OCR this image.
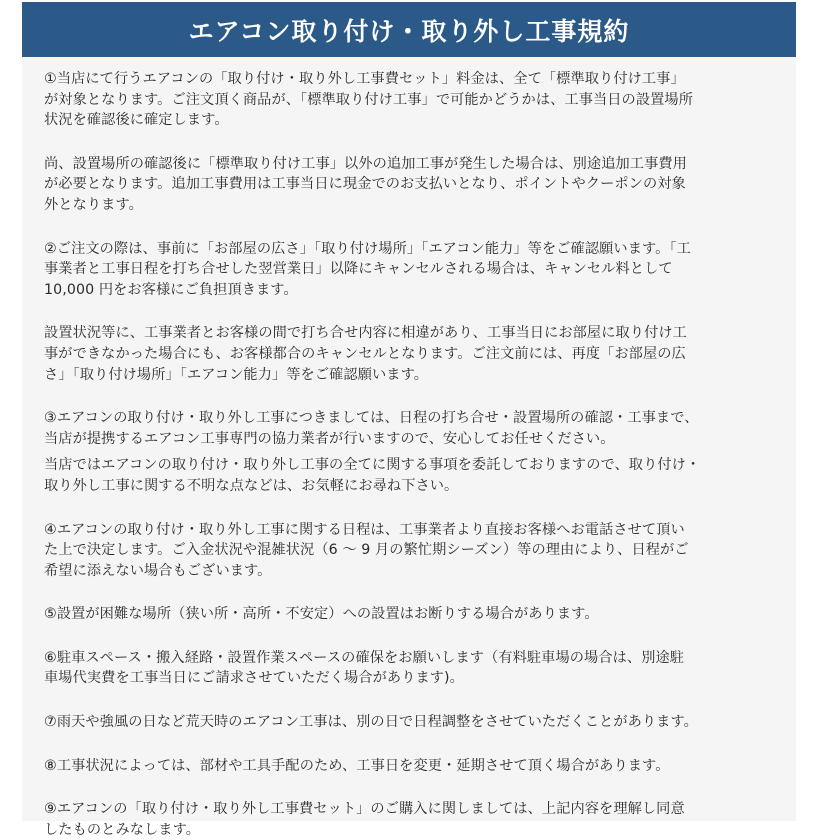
エアコン取り付け・取り外し工事規約

①当店にて行うエアコンの「取り付け・取り外し工事費セット」料金は、全て「標準取り付け工事」
が対象となります。ご注文頂く商品が、「標準取り付け工事」で可能かどうかは、工事当日の設置場所
状況を確認後に確定します。

尚、設置場所の確認後に「標準取り付け工事」以外の追加工事が発生した場合は、別途追加工事費用
が必要となります。追加工事費用は工事当日に現金でのお支払いとなり、ポイントやクーポンの対象
外となります。

②ご注文の際は、事前に「お部屋の広さ」「取り付け場所」「エアコン能力」等をご確認願います。「工
事業者と工事日程を打ち合せした翌営業日」以降にキャンセルされる場合は、キャンセル料として
10,000 円をお客様にご負担頂きます。

設置状況等に、工事業者とお客様の間で打ち合せ内容に相違があり、工事当日にお部屋に取り付け工
事ができなかった場合にも、お客様都合のキャンセルとなります。ご注文前には、再度「お部屋の広
さ」「取り付け場所」「エアコン能力」等をご確認願います。

③エアコンの取り付け・取り外し工事につきましては、日程の打ち合せ・設置場所の確認・工事まで、
当店が提携するエアコン工事専門の協力業者が行いますので、安心してお任せください。

当店ではエアコンの取り付け・取り外し工事の全てに関する事項を委託しておりますので、取り付け・
取り外し工事に関する不明な点などは、お気軽にお尋ね下さい。

④エアコンの取り付け・取り外し工事に関する日程は、工事業者より直接お客様へお電話させて頂い
た上で決定します。ご入金状況や混雑状況（6 ～ 9 月の繁忙期シーズン）等の理由により、日程がご
希望に添えない場合もございます。

⑤設置が困難な場所（狭い所・高所・不安定）への設置はお断りする場合があります。

⑥駐車スペース・搬入経路・設置作業スペースの確保をお願いします（有料駐車場の場合は、別途駐
車場代実費を工事当日にご請求させていただく場合があります)。

⑦雨天や強風の日など荒天時のエアコン工事は、別の日で日程調整をさせていただくことがあります。

⑧工事状況によっては、部材や工具手配のため、工事日を変更・延期させて頂く場合があります。

⑨エアコンの「取り付け・取り外し工事費セット」のご購入に関しましては、上記内容を理解し同意
したものとみなします。
